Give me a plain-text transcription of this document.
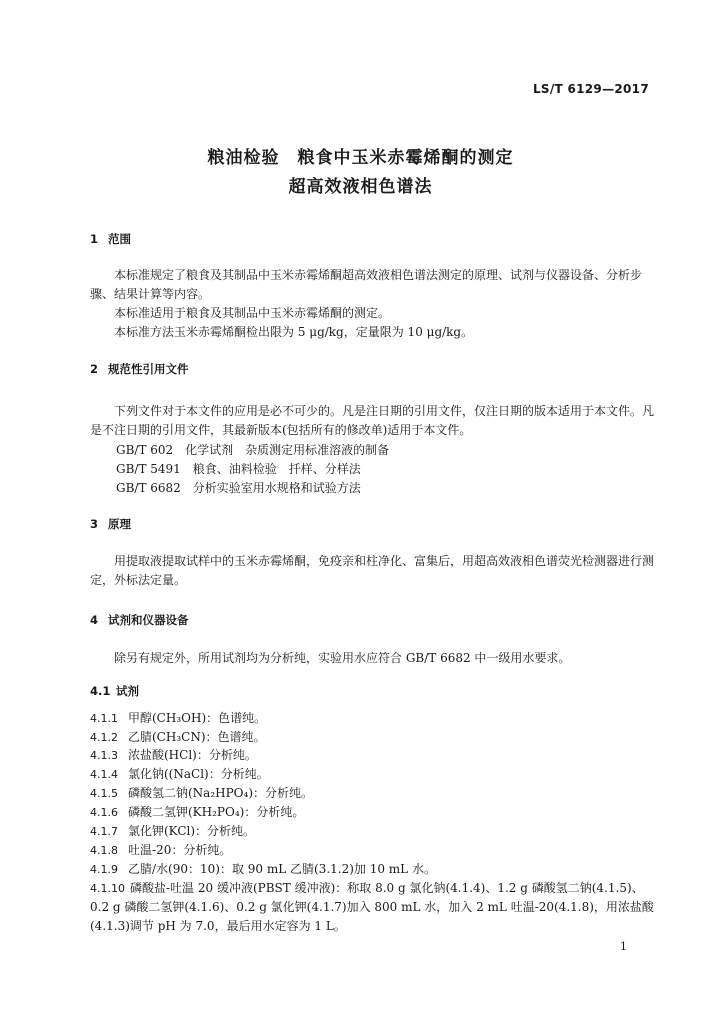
LS/T 6129—2017
粮油检验　粮食中玉米赤霉烯酮的测定
超高效液相色谱法
1 范围
本标准规定了粮食及其制品中玉米赤霉烯酮超高效液相色谱法测定的原理、试剂与仪器设备、分析步骤、结果计算等内容。
本标准适用于粮食及其制品中玉米赤霉烯酮的测定。
本标准方法玉米赤霉烯酮检出限为 5 μg/kg，定量限为 10 μg/kg。
2 规范性引用文件
下列文件对于本文件的应用是必不可少的。凡是注日期的引用文件，仅注日期的版本适用于本文件。凡是不注日期的引用文件，其最新版本(包括所有的修改单)适用于本文件。
GB/T 602　化学试剂　杂质测定用标准溶液的制备
GB/T 5491　粮食、油料检验　扦样、分样法
GB/T 6682　分析实验室用水规格和试验方法
3 原理
用提取液提取试样中的玉米赤霉烯酮，免疫亲和柱净化、富集后，用超高效液相色谱荧光检测器进行测定，外标法定量。
4 试剂和仪器设备
除另有规定外，所用试剂均为分析纯，实验用水应符合 GB/T 6682 中一级用水要求。
4.1 试剂
4.1.1 甲醇(CH₃OH)：色谱纯。
4.1.2 乙腈(CH₃CN)：色谱纯。
4.1.3 浓盐酸(HCl)：分析纯。
4.1.4 氯化钠((NaCl)：分析纯。
4.1.5 磷酸氢二钠(Na₂HPO₄)：分析纯。
4.1.6 磷酸二氢钾(KH₂PO₄)：分析纯。
4.1.7 氯化钾(KCl)：分析纯。
4.1.8 吐温-20：分析纯。
4.1.9 乙腈/水(90：10)：取 90 mL 乙腈(3.1.2)加 10 mL 水。
4.1.10 磷酸盐-吐温 20 缓冲液(PBST 缓冲液)：称取 8.0 g 氯化钠(4.1.4)、1.2 g 磷酸氢二钠(4.1.5)、0.2 g 磷酸二氢钾(4.1.6)、0.2 g 氯化钾(4.1.7)加入 800 mL 水，加入 2 mL 吐温-20(4.1.8)，用浓盐酸(4.1.3)调节 pH 为 7.0，最后用水定容为 1 L。
1
